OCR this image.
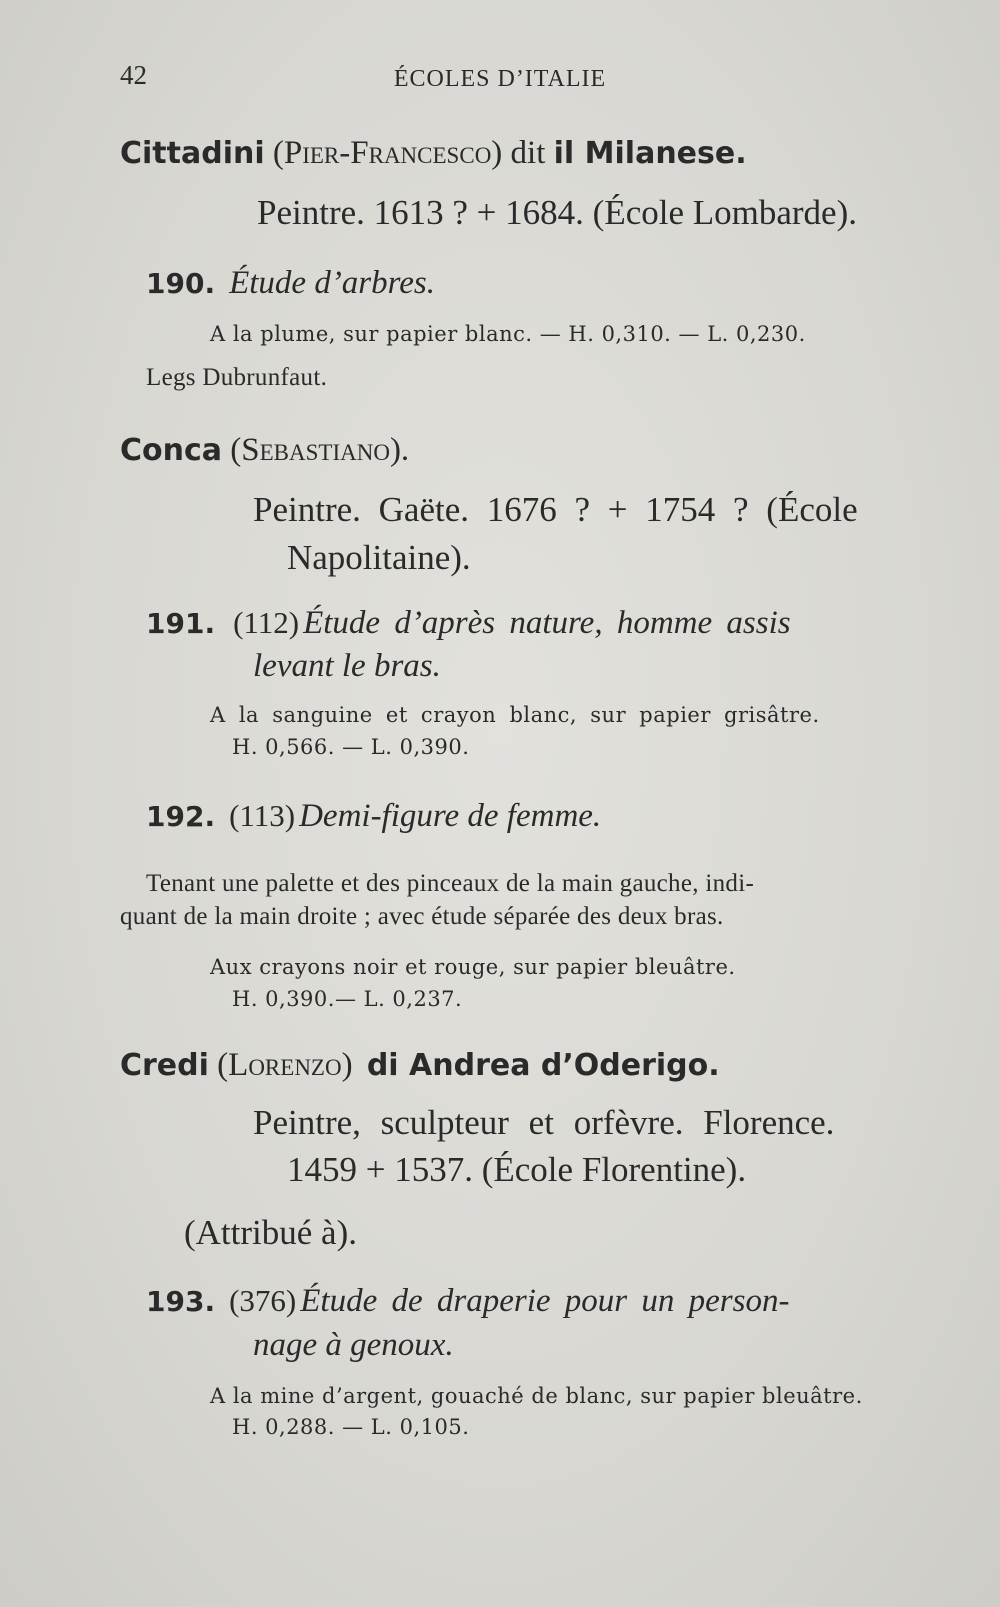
42	ÉCOLES D’ITALIE
Cittadini (Pier-Francesco) dit il Milanese.
Peintre. 1613 ? + 1684. (École Lombarde).
190. Étude d’arbres.
A la plume, sur papier blanc. — H. 0,310. — L. 0,230.
Legs Dubrunfaut.
Conca (Sebastiano).
Peintre. Gaëte. 1676 ? + 1754 ? (École
Napolitaine).
191. (112) Étude d’après nature, homme assis
levant le bras.
A la sanguine et crayon blanc, sur papier grisâtre.
H. 0,566. — L. 0,390.
192. (113) Demi-figure de femme.
Tenant une palette et des pinceaux de la main gauche, indi-
quant de la main droite ; avec étude séparée des deux bras.
Aux crayons noir et rouge, sur papier bleuâtre.
H. 0,390.— L. 0,237.
Credi (Lorenzo) di Andrea d’Oderigo.
Peintre, sculpteur et orfèvre. Florence.
1459 + 1537. (École Florentine).
(Attribué à).
193. (376) Étude de draperie pour un person-
nage à genoux.
A la mine d’argent, gouaché de blanc, sur papier bleuâtre.
H. 0,288. — L. 0,105.
